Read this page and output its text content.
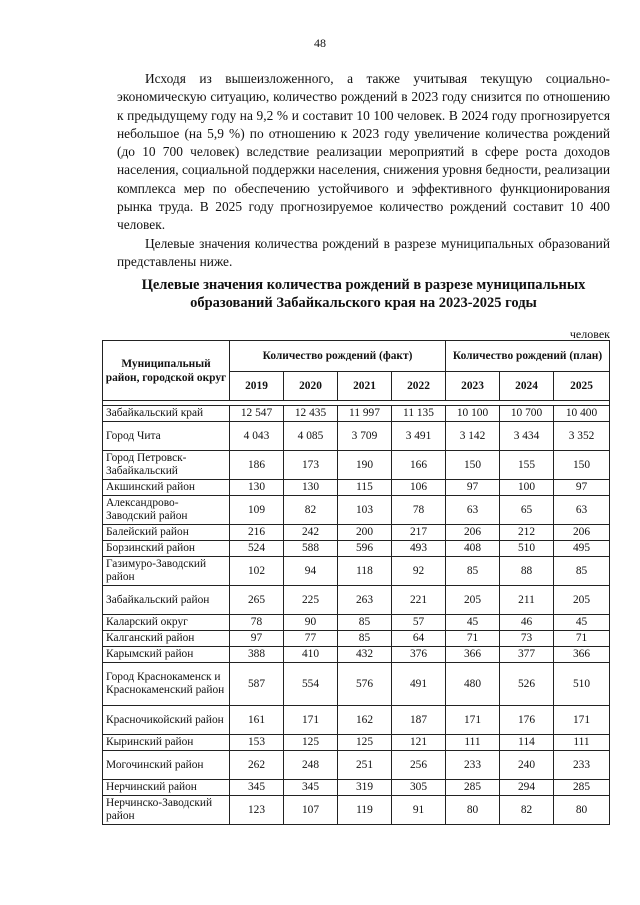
48

Исходя из вышеизложенного, а также учитывая текущую социально-экономическую ситуацию, количество рождений в 2023 году снизится по отношению к предыдущему году на 9,2 % и составит 10 100 человек. В 2024 году прогнозируется небольшое (на 5,9 %) по отношению к 2023 году увеличение количества рождений (до 10 700 человек) вследствие реализации мероприятий в сфере роста доходов населения, социальной поддержки населения, снижения уровня бедности, реализации комплекса мер по обеспечению устойчивого и эффективного функционирования рынка труда. В 2025 году прогнозируемое количество рождений составит 10 400 человек.

Целевые значения количества рождений в разрезе муниципальных образований представлены ниже.

Целевые значения количества рождений в разрезе муниципальных образований Забайкальского края на 2023-2025 годы
человек
Муниципальный район, городской округ	Количество рождений (факт)				Количество рождений (план)		
	2019	2020	2021	2022	2023	2024	2025

Забайкальский край	12 547	12 435	11 997	11 135	10 100	10 700	10 400
Город Чита	4 043	4 085	3 709	3 491	3 142	3 434	3 352
Город Петровск-Забайкальский	186	173	190	166	150	155	150
Акшинский район	130	130	115	106	97	100	97
Александрово-Заводский район	109	82	103	78	63	65	63
Балейский район	216	242	200	217	206	212	206
Борзинский район	524	588	596	493	408	510	495
Газимуро-Заводский район	102	94	118	92	85	88	85
Забайкальский район	265	225	263	221	205	211	205
Каларский округ	78	90	85	57	45	46	45
Калганский район	97	77	85	64	71	73	71
Карымский район	388	410	432	376	366	377	366
Город Краснокаменск и Краснокаменский район	587	554	576	491	480	526	510
Красночикойский район	161	171	162	187	171	176	171
Кыринский район	153	125	125	121	111	114	111
Могочинский район	262	248	251	256	233	240	233
Нерчинский район	345	345	319	305	285	294	285
Нерчинско-Заводский район	123	107	119	91	80	82	80
